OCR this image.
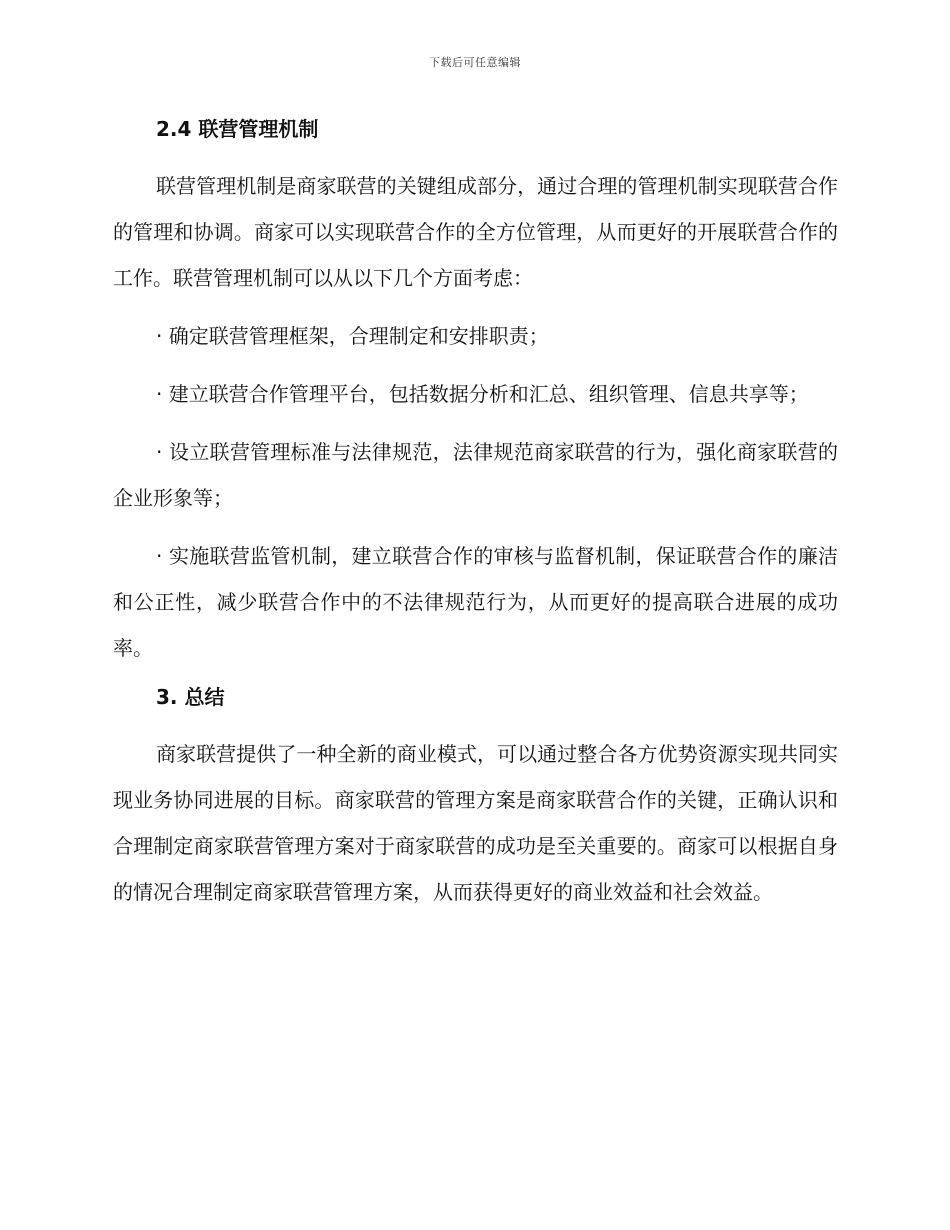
下载后可任意编辑
2.4 联营管理机制

联营管理机制是商家联营的关键组成部分，通过合理的管理机制实现联营合作的管理和协调。商家可以实现联营合作的全方位管理，从而更好的开展联营合作的工作。联营管理机制可以从以下几个方面考虑：

· 确定联营管理框架，合理制定和安排职责；

· 建立联营合作管理平台，包括数据分析和汇总、组织管理、信息共享等；

· 设立联营管理标准与法律规范，法律规范商家联营的行为，强化商家联营的企业形象等；

· 实施联营监管机制，建立联营合作的审核与监督机制，保证联营合作的廉洁和公正性，减少联营合作中的不法律规范行为，从而更好的提高联合进展的成功率。

3. 总结

商家联营提供了一种全新的商业模式，可以通过整合各方优势资源实现共同实现业务协同进展的目标。商家联营的管理方案是商家联营合作的关键，正确认识和合理制定商家联营管理方案对于商家联营的成功是至关重要的。商家可以根据自身的情况合理制定商家联营管理方案，从而获得更好的商业效益和社会效益。
